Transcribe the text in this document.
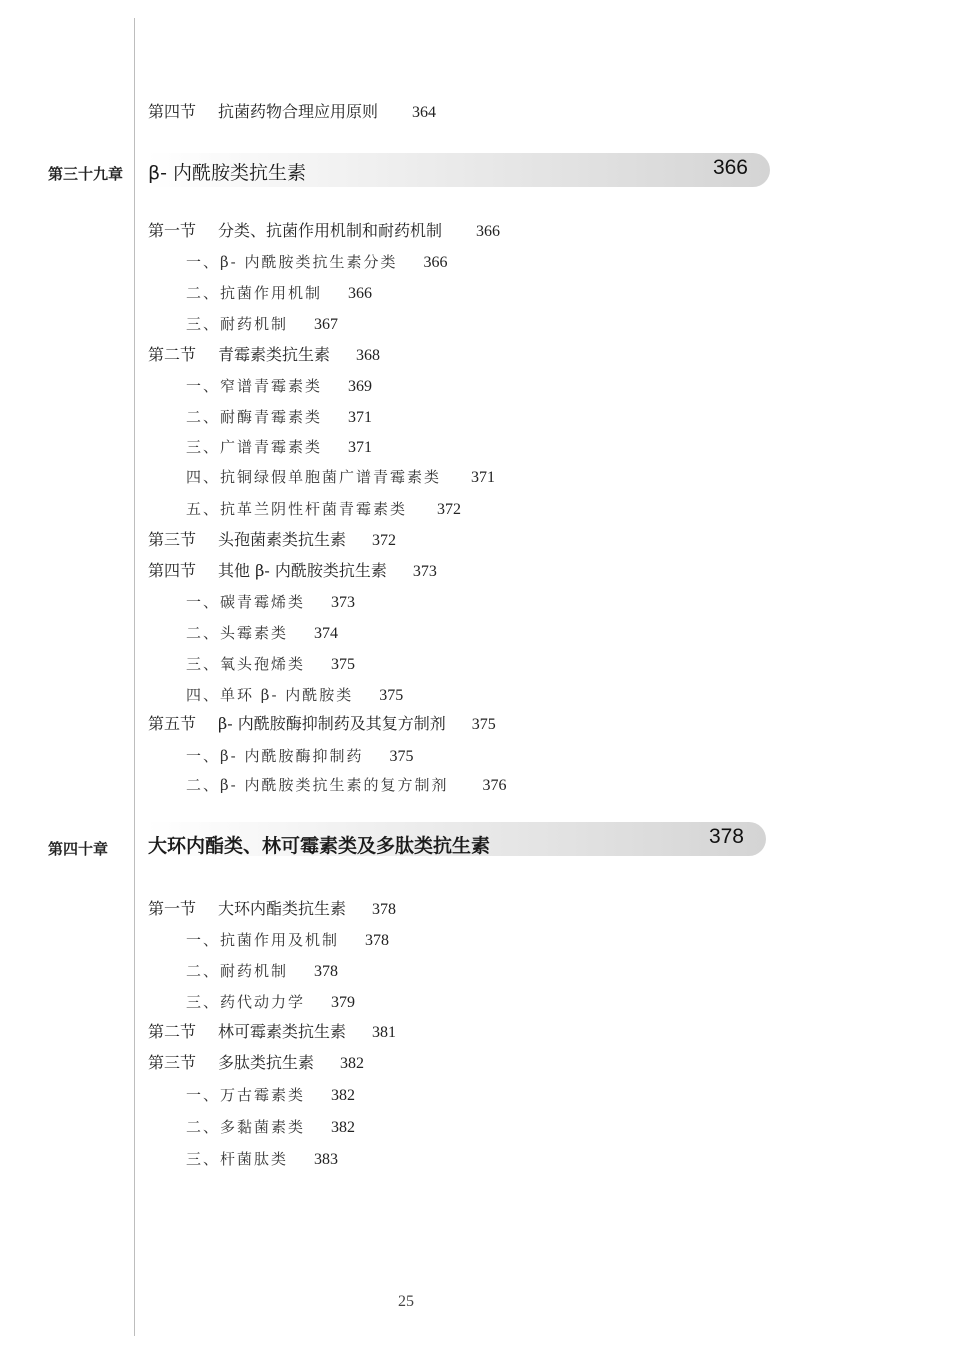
第四节 抗菌药物合理应用原则 364
第三十九章 β- 内酰胺类抗生素	366
第一节 分类、抗菌作用机制和耐药机制 366
一、β- 内酰胺类抗生素分类 366
二、抗菌作用机制 366
三、耐药机制 367
第二节 青霉素类抗生素 368
一、窄谱青霉素类 369
二、耐酶青霉素类 371
三、广谱青霉素类 371
四、抗铜绿假单胞菌广谱青霉素类 371
五、抗革兰阴性杆菌青霉素类 372
第三节 头孢菌素类抗生素 372
第四节 其他 β- 内酰胺类抗生素 373
一、碳青霉烯类 373
二、头霉素类 374
三、氧头孢烯类 375
四、单环 β- 内酰胺类 375
第五节 β- 内酰胺酶抑制药及其复方制剂 375
一、β- 内酰胺酶抑制药 375
二、β- 内酰胺类抗生素的复方制剂 376
第四十章 大环内酯类、林可霉素类及多肽类抗生素	378
第一节 大环内酯类抗生素 378
一、抗菌作用及机制 378
二、耐药机制 378
三、药代动力学 379
第二节 林可霉素类抗生素 381
第三节 多肽类抗生素 382
一、万古霉素类 382
二、多黏菌素类 382
三、杆菌肽类 383
25
